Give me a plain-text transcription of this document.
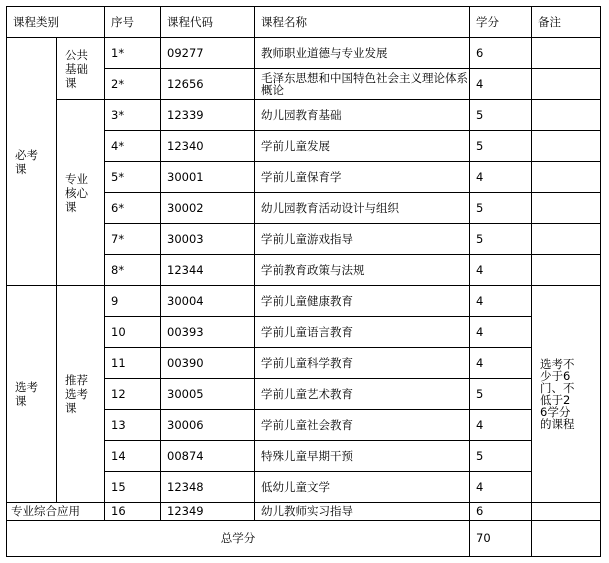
课程类别		序号	课程代码	课程名称	学分	备注

必考课	公共基础课	1*	09277	教师职业道德与专业发展	6	
		2*	12656	毛泽东思想和中国特色社会主义理论体系概论	4	

	专业核心课	3*	12339	幼儿园教育基础	5	
		4*	12340	学前儿童发展	5	
		5*	30001	学前儿童保育学	4	
		6*	30002	幼儿园教育活动设计与组织	5	
		7*	30003	学前儿童游戏指导	5	
		8*	12344	学前教育政策与法规	4	

选考课	推荐选考课	9	30004	学前儿童健康教育	4	选考不少于6门、不低于26学分的课程

		10	00393	学前儿童语言教育	4	
		11	00390	学前儿童科学教育	4	
		12	30005	学前儿童艺术教育	5	
		13	30006	学前儿童社会教育	4	
		14	00874	特殊儿童早期干预	5	
		15	12348	低幼儿童文学	4	
专业综合应用		16	12349	幼儿教师实习指导	6	
总学分					70	
